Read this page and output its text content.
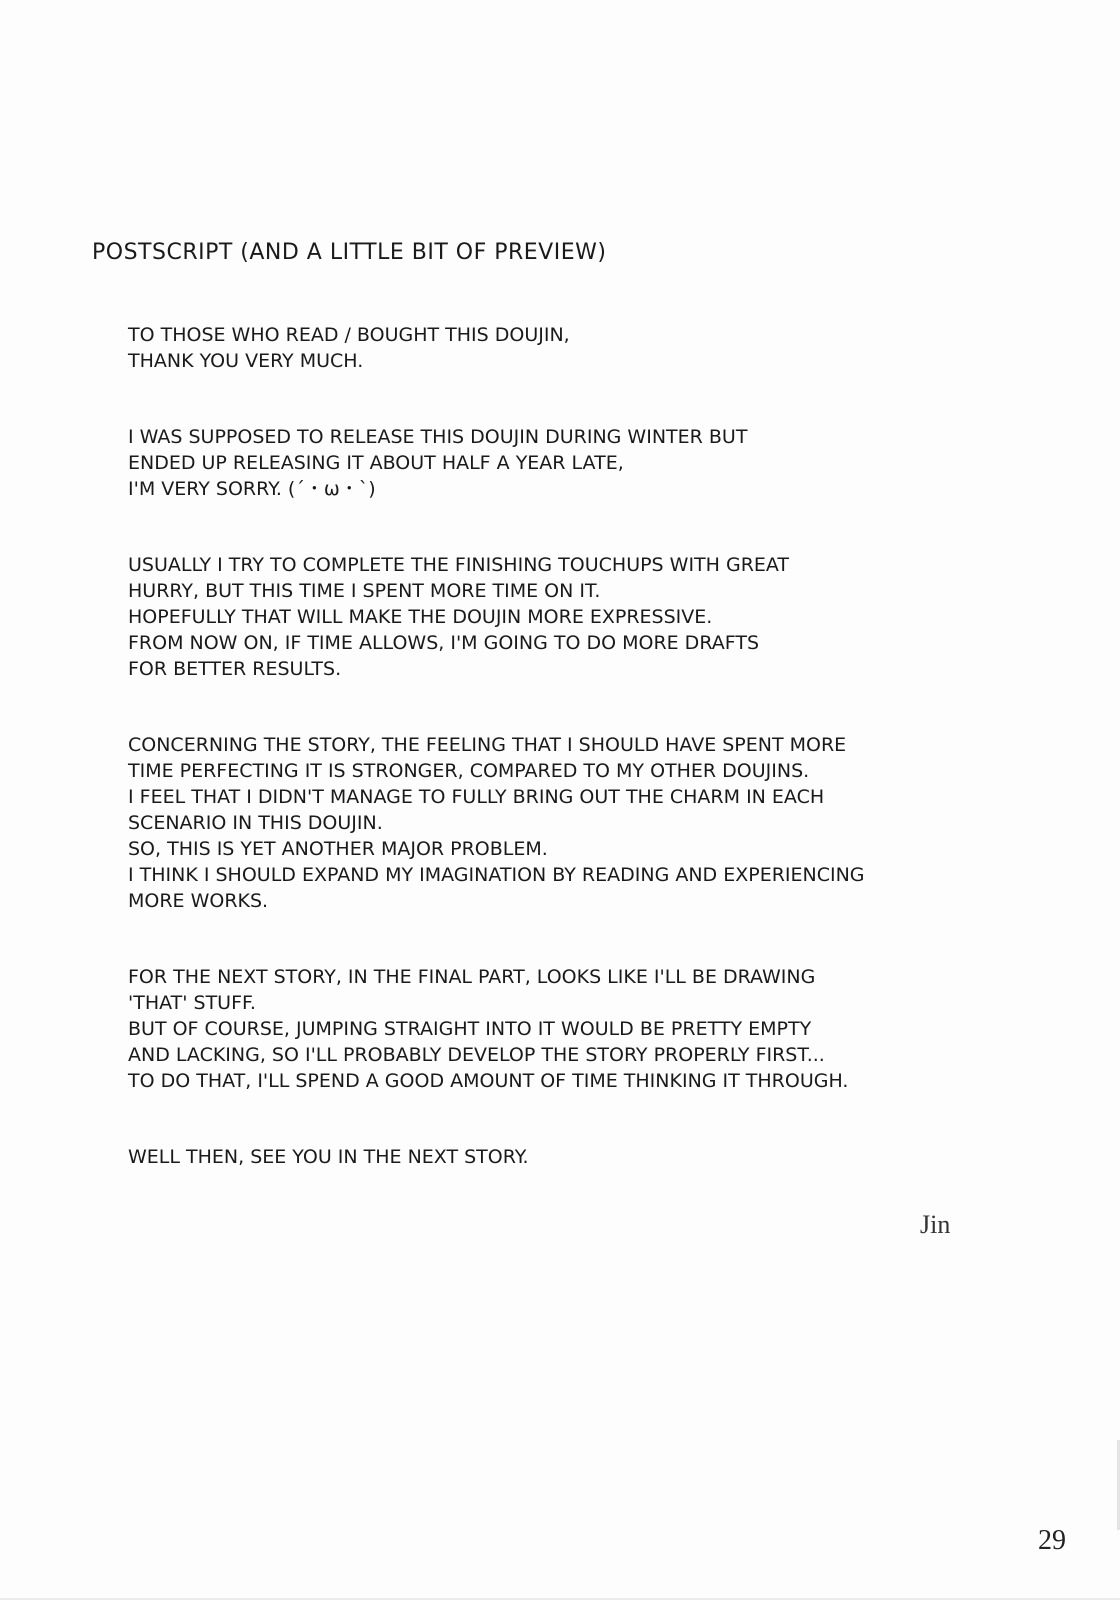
POSTSCRIPT (AND A LITTLE BIT OF PREVIEW)

TO THOSE WHO READ / BOUGHT THIS DOUJIN,
THANK YOU VERY MUCH.

I WAS SUPPOSED TO RELEASE THIS DOUJIN DURING WINTER BUT
ENDED UP RELEASING IT ABOUT HALF A YEAR LATE,
I'M VERY SORRY. (´・ω・`)

USUALLY I TRY TO COMPLETE THE FINISHING TOUCHUPS WITH GREAT
HURRY, BUT THIS TIME I SPENT MORE TIME ON IT.
HOPEFULLY THAT WILL MAKE THE DOUJIN MORE EXPRESSIVE.
FROM NOW ON, IF TIME ALLOWS, I'M GOING TO DO MORE DRAFTS
FOR BETTER RESULTS.

CONCERNING THE STORY, THE FEELING THAT I SHOULD HAVE SPENT MORE
TIME PERFECTING IT IS STRONGER, COMPARED TO MY OTHER DOUJINS.
I FEEL THAT I DIDN'T MANAGE TO FULLY BRING OUT THE CHARM IN EACH
SCENARIO IN THIS DOUJIN.
SO, THIS IS YET ANOTHER MAJOR PROBLEM.
I THINK I SHOULD EXPAND MY IMAGINATION BY READING AND EXPERIENCING
MORE WORKS.

FOR THE NEXT STORY, IN THE FINAL PART, LOOKS LIKE I'LL BE DRAWING
'THAT' STUFF.
BUT OF COURSE, JUMPING STRAIGHT INTO IT WOULD BE PRETTY EMPTY
AND LACKING, SO I'LL PROBABLY DEVELOP THE STORY PROPERLY FIRST...
TO DO THAT, I'LL SPEND A GOOD AMOUNT OF TIME THINKING IT THROUGH.

WELL THEN, SEE YOU IN THE NEXT STORY.

Jin
29
